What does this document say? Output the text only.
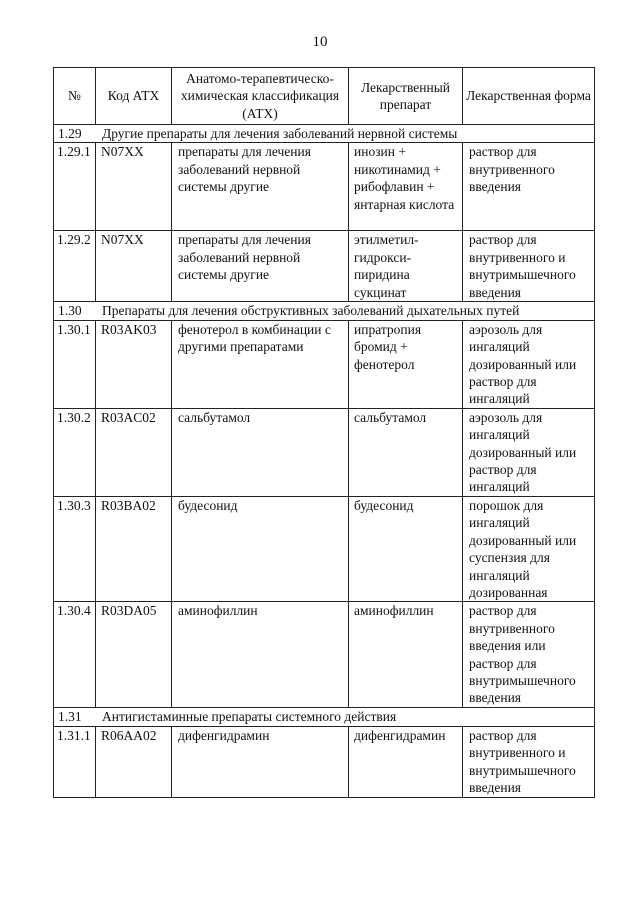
10
№	Код АТХ	Анатомо-терапевтическо-химическая классификация (АТХ)	Лекарственный препарат	Лекарственная форма
1.29 Другие препараты для лечения заболеваний нервной системы				
1.29.1	N07XX	препараты для лечения заболеваний нервной системы другие	инозин + никотинамид + рибофлавин + янтарная кислота	раствор для внутривенного введения
1.29.2	N07XX	препараты для лечения заболеваний нервной системы другие	этилметил-гидрокси-пиридина сукцинат	раствор для внутривенного и внутримышечного введения
1.30 Препараты для лечения обструктивных заболеваний дыхательных путей				
1.30.1	R03AK03	фенотерол в комбинации с другими препаратами	ипратропия бромид + фенотерол	аэрозоль для ингаляций дозированный или раствор для ингаляций
1.30.2	R03AC02	сальбутамол	сальбутамол	аэрозоль для ингаляций дозированный или раствор для ингаляций
1.30.3	R03BA02	будесонид	будесонид	порошок для ингаляций дозированный или суспензия для ингаляций дозированная
1.30.4	R03DA05	аминофиллин	аминофиллин	раствор для внутривенного введения или раствор для внутримышечного введения
1.31 Антигистаминные препараты системного действия				
1.31.1	R06AA02	дифенгидрамин	дифенгидрамин	раствор для внутривенного и внутримышечного введения
